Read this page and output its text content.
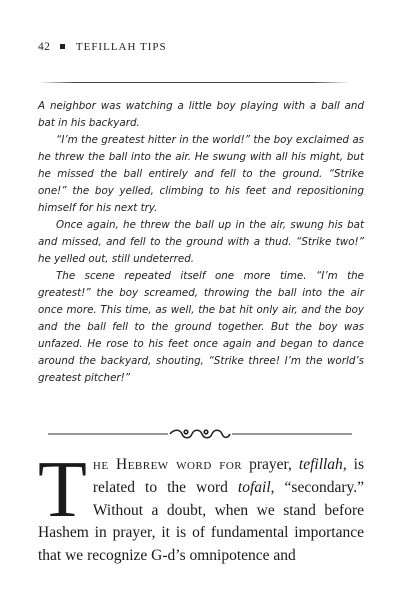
42 TEFILLAH TIPS

A neighbor was watching a little boy playing with a ball and bat in his backyard.

“I’m the greatest hitter in the world!” the boy exclaimed as he threw the ball into the air. He swung with all his might, but he missed the ball entirely and fell to the ground. “Strike one!” the boy yelled, climbing to his feet and repositioning himself for his next try.

Once again, he threw the ball up in the air, swung his bat and missed, and fell to the ground with a thud. “Strike two!” he yelled out, still undeterred.

The scene repeated itself one more time. “I’m the greatest!” the boy screamed, throwing the ball into the air once more. This time, as well, the bat hit only air, and the boy and the ball fell to the ground together. But the boy was unfazed. He rose to his feet once again and began to dance around the backyard, shouting, “Strike three! I’m the world’s greatest pitcher!”

The Hebrew word for prayer, tefillah, is related to the word tofail, “secondary.” Without a doubt, when we stand before Hashem in prayer, it is of fundamental importance that we recognize G-d’s omnipotence and
